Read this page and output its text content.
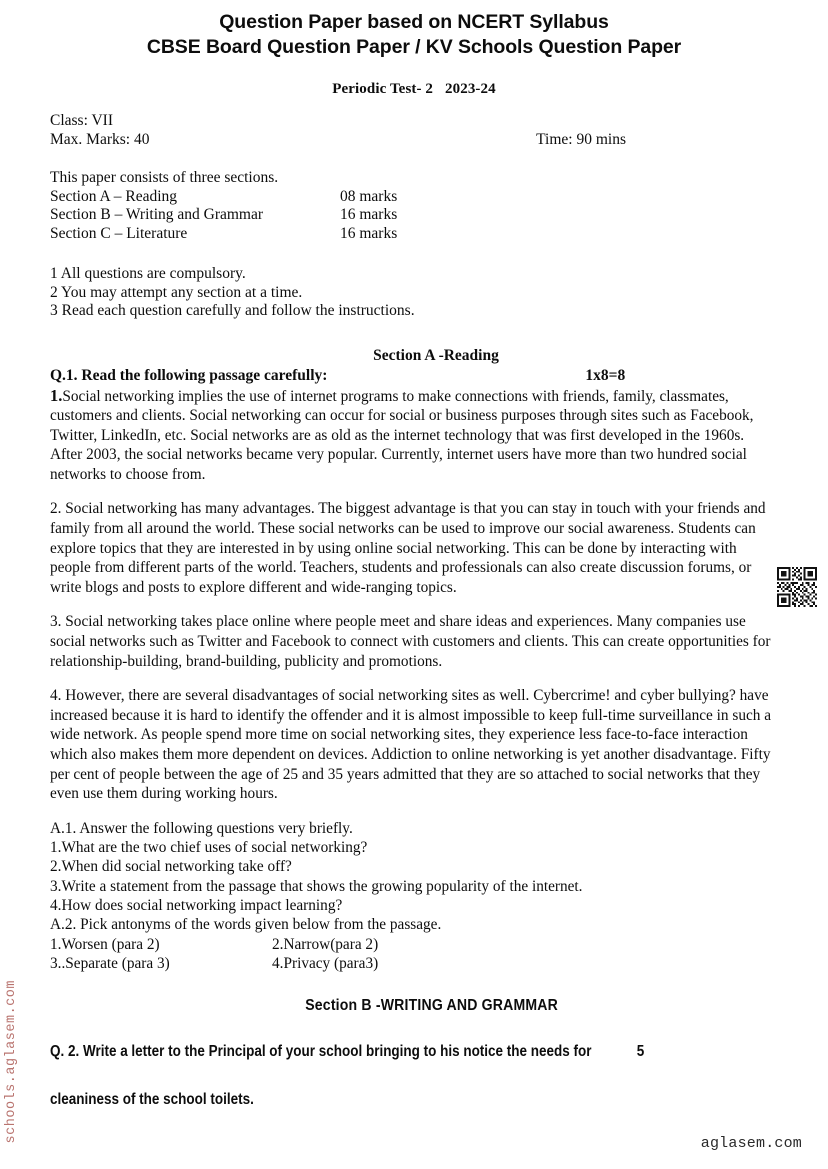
Question Paper based on NCERT Syllabus
CBSE Board Question Paper / KV Schools Question Paper
Periodic Test- 2 2023-24
Class: VII
Max. Marks: 40	Time: 90 mins
This paper consists of three sections.
Section A – Reading	08 marks
Section B – Writing and Grammar	16 marks
Section C – Literature	16 marks
1 All questions are compulsory.
2 You may attempt any section at a time.
3 Read each question carefully and follow the instructions.
Section A -Reading
Q.1. Read the following passage carefully:	1x8=8

1.Social networking implies the use of internet programs to make connections with friends, family, classmates, customers and clients. Social networking can occur for social or business purposes through sites such as Facebook, Twitter, LinkedIn, etc. Social networks are as old as the internet technology that was first developed in the 1960s. After 2003, the social networks became very popular. Currently, internet users have more than two hundred social networks to choose from.

2. Social networking has many advantages. The biggest advantage is that you can stay in touch with your friends and family from all around the world. These social networks can be used to improve our social awareness. Students can explore topics that they are interested in by using online social networking. This can be done by interacting with people from different parts of the world. Teachers, students and professionals can also create discussion forums, or write blogs and posts to explore different and wide-ranging topics.

3. Social networking takes place online where people meet and share ideas and experiences. Many companies use social networks such as Twitter and Facebook to connect with customers and clients. This can create opportunities for relationship-building, brand-building, publicity and promotions.

4. However, there are several disadvantages of social networking sites as well. Cybercrime! and cyber bullying? have increased because it is hard to identify the offender and it is almost impossible to keep full-time surveillance in such a wide network. As people spend more time on social networking sites, they experience less face-to-face interaction which also makes them more dependent on devices. Addiction to online networking is yet another disadvantage. Fifty per cent of people between the age of 25 and 35 years admitted that they are so attached to social networks that they even use them during working hours.

A.1. Answer the following questions very briefly.
1.What are the two chief uses of social networking?
2.When did social networking take off?
3.Write a statement from the passage that shows the growing popularity of the internet.
4.How does social networking impact learning?
A.2. Pick antonyms of the words given below from the passage.
1.Worsen (para 2)	2.Narrow(para 2)
3..Separate (para 3)	4.Privacy (para3)
Section B -WRITING AND GRAMMAR
Q. 2. Write a letter to the Principal of your school bringing to his notice the needs for	5
cleaniness of the school toilets.
schools.aglasem.com
aglasem.com
